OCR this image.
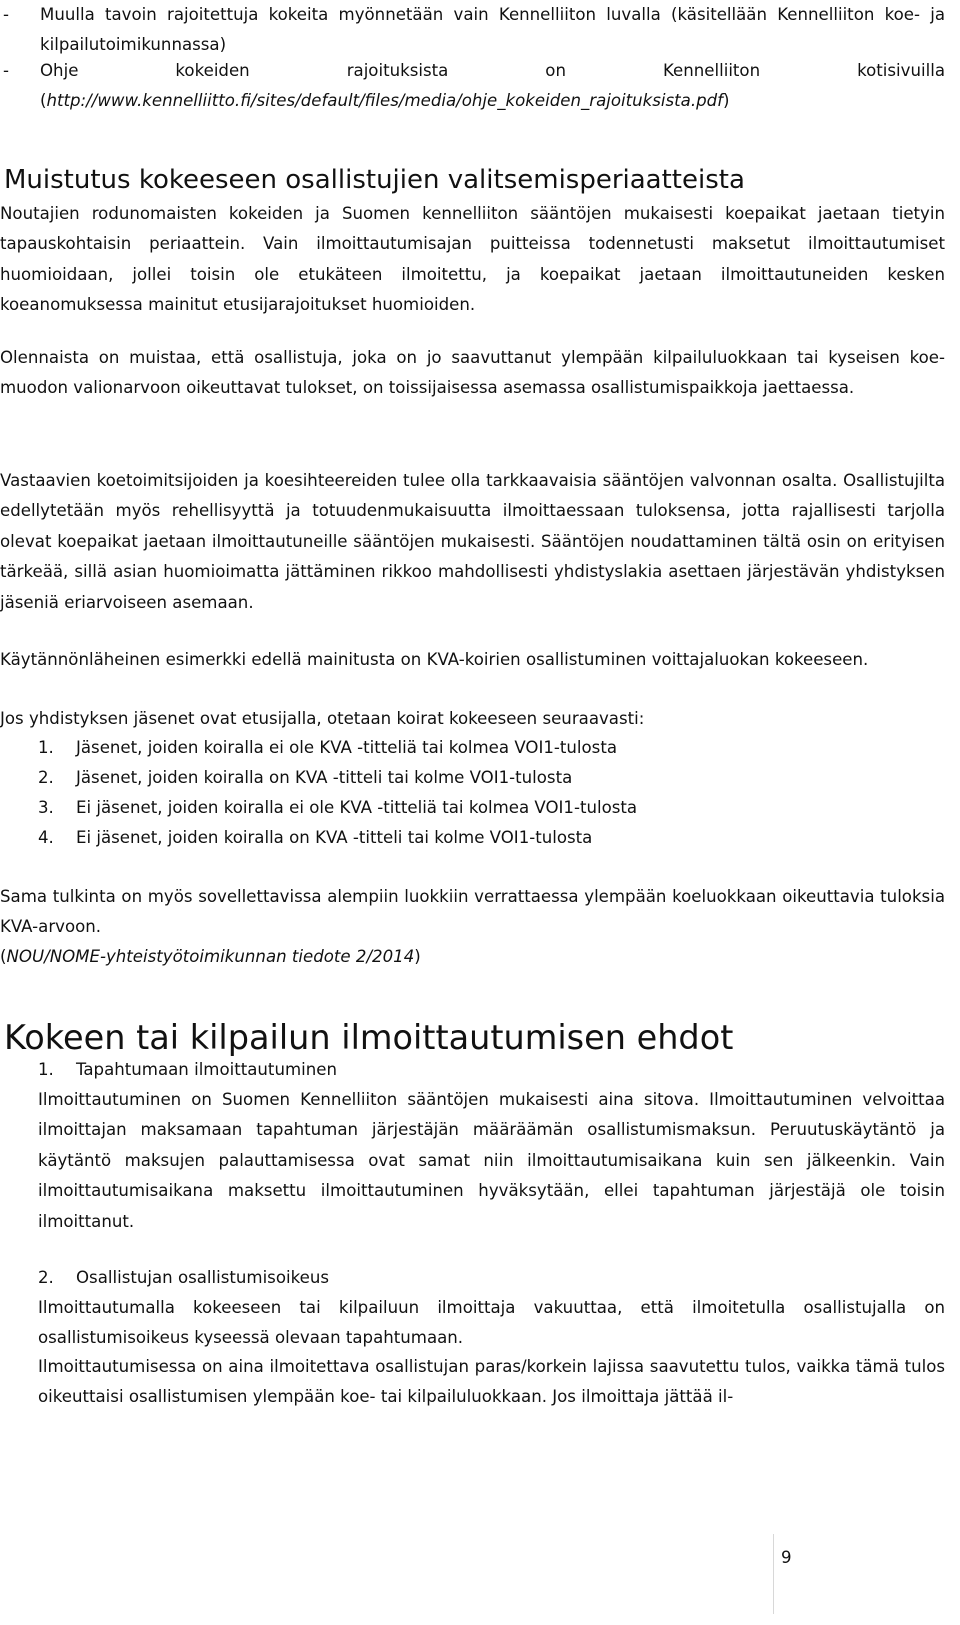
- Muulla tavoin rajoitettuja kokeita myönnetään vain Kennelliiton luvalla (käsitellään Kennelliiton koe- ja kilpailutoimikunnassa)
- Ohje kokeiden rajoituksista on Kennelliiton kotisivuilla (http://www.kennelliitto.fi/sites/default/files/media/ohje_kokeiden_rajoituksista.pdf)
Muistutus kokeeseen osallistujien valitsemisperiaatteista

Noutajien rodunomaisten kokeiden ja Suomen kennelliiton sääntöjen mukaisesti koepaikat jaetaan tietyin tapauskohtaisin periaattein. Vain ilmoittautumisajan puitteissa todennetusti maksetut ilmoittautumiset huomioidaan, jollei toisin ole etukäteen ilmoitettu, ja koepaikat jaetaan ilmoittautuneiden kesken koeanomuksessa mainitut etusijarajoitukset huomioiden.

Olennaista on muistaa, että osallistuja, joka on jo saavuttanut ylempään kilpailuluokkaan tai kyseisen koe-muodon valionarvoon oikeuttavat tulokset, on toissijaisessa asemassa osallistumispaikkoja jaettaessa.

Vastaavien koetoimitsijoiden ja koesihteereiden tulee olla tarkkaavaisia sääntöjen valvonnan osalta. Osallistujilta edellytetään myös rehellisyyttä ja totuudenmukaisuutta ilmoittaessaan tuloksensa, jotta rajallisesti tarjolla olevat koepaikat jaetaan ilmoittautuneille sääntöjen mukaisesti. Sääntöjen noudattaminen tältä osin on erityisen tärkeää, sillä asian huomioimatta jättäminen rikkoo mahdollisesti yhdistyslakia asettaen järjestävän yhdistyksen jäseniä eriarvoiseen asemaan.

Käytännönläheinen esimerkki edellä mainitusta on KVA-koirien osallistuminen voittajaluokan kokeeseen.

Jos yhdistyksen jäsenet ovat etusijalla, otetaan koirat kokeeseen seuraavasti:

1. Jäsenet, joiden koiralla ei ole KVA -titteliä tai kolmea VOI1-tulosta
2. Jäsenet, joiden koiralla on KVA -titteli tai kolme VOI1-tulosta
3. Ei jäsenet, joiden koiralla ei ole KVA -titteliä tai kolmea VOI1-tulosta
4. Ei jäsenet, joiden koiralla on KVA -titteli tai kolme VOI1-tulosta

Sama tulkinta on myös sovellettavissa alempiin luokkiin verrattaessa ylempään koeluokkaan oikeuttavia tuloksia KVA-arvoon.

(NOU/NOME-yhteistyötoimikunnan tiedote 2/2014)

Kokeen tai kilpailun ilmoittautumisen ehdot
1. Tapahtumaan ilmoittautuminen

Ilmoittautuminen on Suomen Kennelliiton sääntöjen mukaisesti aina sitova. Ilmoittautuminen velvoittaa ilmoittajan maksamaan tapahtuman järjestäjän määräämän osallistumismaksun. Peruutuskäytäntö ja käytäntö maksujen palauttamisessa ovat samat niin ilmoittautumisaikana kuin sen jälkeenkin. Vain ilmoittautumisaikana maksettu ilmoittautuminen hyväksytään, ellei tapahtuman järjestäjä ole toisin ilmoittanut.

2. Osallistujan osallistumisoikeus

Ilmoittautumalla kokeeseen tai kilpailuun ilmoittaja vakuuttaa, että ilmoitetulla osallistujalla on osallistumisoikeus kyseessä olevaan tapahtumaan.

Ilmoittautumisessa on aina ilmoitettava osallistujan paras/korkein lajissa saavutettu tulos, vaikka tämä tulos oikeuttaisi osallistumisen ylempään koe- tai kilpailuluokkaan. Jos ilmoittaja jättää il-

9
